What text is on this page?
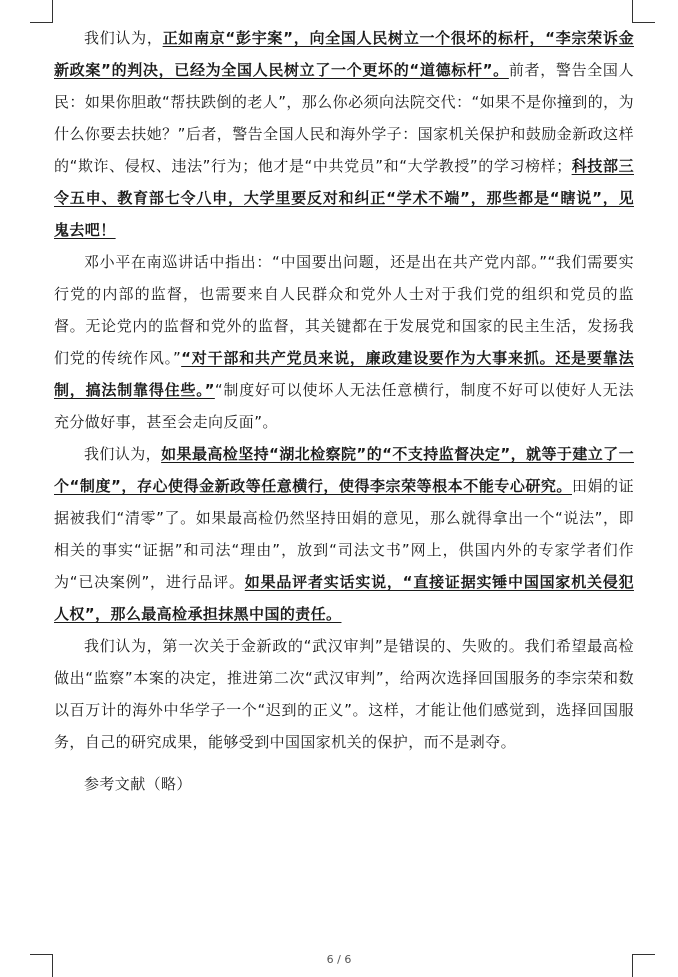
我们认为，正如南京“彭宇案”，向全国人民树立一个很坏的标杆，“李宗荣诉金新政案”的判决，已经为全国人民树立了一个更坏的“道德标杆”。前者，警告全国人民：如果你胆敢“帮扶跌倒的老人”，那么你必须向法院交代：“如果不是你撞到的，为什么你要去扶她？”后者，警告全国人民和海外学子：国家机关保护和鼓励金新政这样的“欺诈、侵权、违法”行为；他才是“中共党员”和“大学教授”的学习榜样；科技部三令五申、教育部七令八申，大学里要反对和纠正“学术不端”，那些都是“瞎说”，见鬼去吧！

邓小平在南巡讲话中指出：“中国要出问题，还是出在共产党内部。”“我们需要实行党的内部的监督，也需要来自人民群众和党外人士对于我们党的组织和党员的监督。无论党内的监督和党外的监督，其关键都在于发展党和国家的民主生活，发扬我们党的传统作风。”“对干部和共产党员来说，廉政建设要作为大事来抓。还是要靠法制，搞法制靠得住些。”“制度好可以使坏人无法任意横行，制度不好可以使好人无法充分做好事，甚至会走向反面”。

我们认为，如果最高检坚持“湖北检察院”的“不支持监督决定”，就等于建立了一个“制度”，存心使得金新政等任意横行，使得李宗荣等根本不能专心研究。田娟的证据被我们“清零”了。如果最高检仍然坚持田娟的意见，那么就得拿出一个“说法”，即相关的事实“证据”和司法“理由”，放到“司法文书”网上，供国内外的专家学者们作为“已决案例”，进行品评。如果品评者实话实说，“直接证据实锤中国国家机关侵犯人权”，那么最高检承担抹黑中国的责任。

我们认为，第一次关于金新政的“武汉审判”是错误的、失败的。我们希望最高检做出“监察”本案的决定，推进第二次“武汉审判”，给两次选择回国服务的李宗荣和数以百万计的海外中华学子一个“迟到的正义”。这样，才能让他们感觉到，选择回国服务，自己的研究成果，能够受到中国国家机关的保护，而不是剥夺。

参考文献（略）

6 / 6
